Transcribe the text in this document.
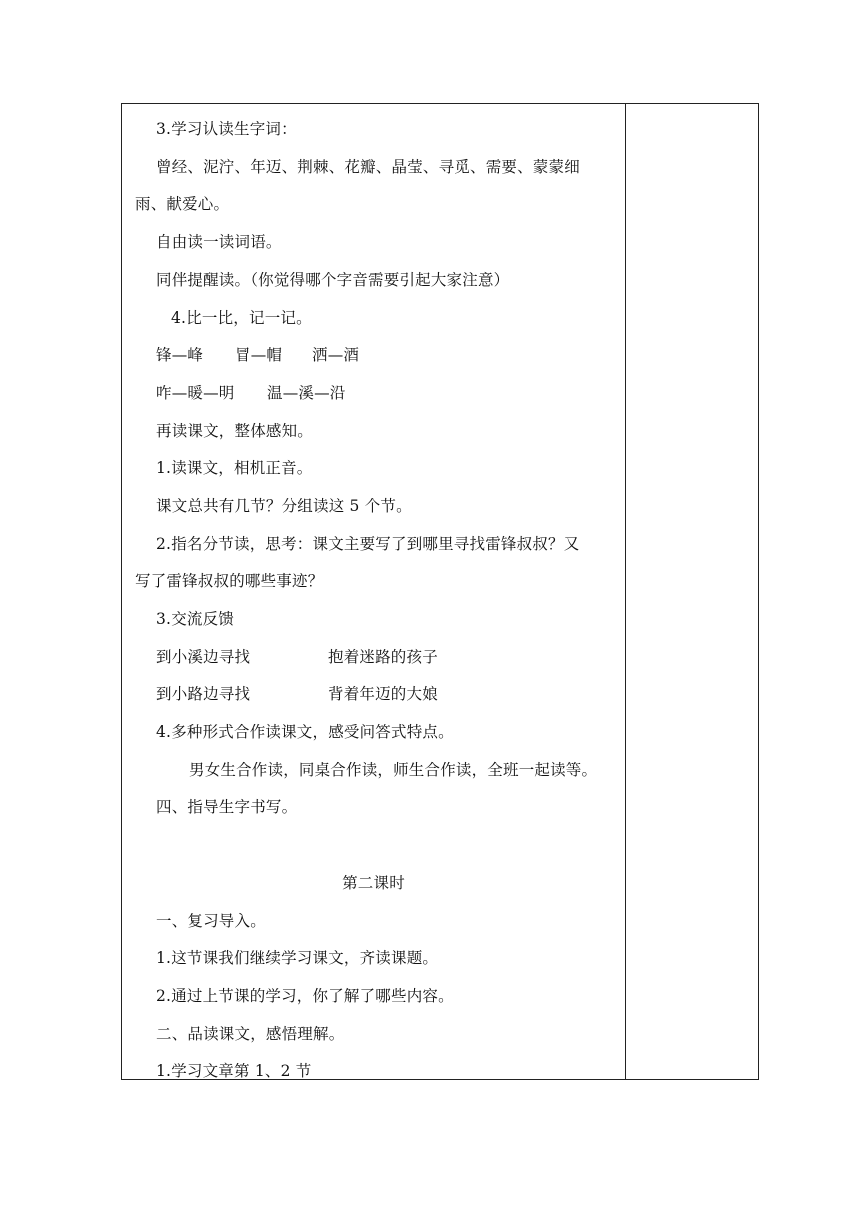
3.学习认读生字词：
曾经、泥泞、年迈、荆棘、花瓣、晶莹、寻觅、需要、蒙蒙细
雨、献爱心。
自由读一读词语。
同伴提醒读。（你觉得哪个字音需要引起大家注意）
4.比一比，记一记。
锋—峰 冒—帽 洒—酒
咋—暖—明 温—溪—沿
再读课文，整体感知。
1.读课文，相机正音。
课文总共有几节？分组读这 5 个节。
2.指名分节读，思考：课文主要写了到哪里寻找雷锋叔叔？又
写了雷锋叔叔的哪些事迹？
3.交流反馈
到小溪边寻找	抱着迷路的孩子
到小路边寻找	背着年迈的大娘
4.多种形式合作读课文，感受问答式特点。
男女生合作读，同桌合作读，师生合作读，全班一起读等。
四、指导生字书写。
第二课时
一、复习导入。
1.这节课我们继续学习课文，齐读课题。
2.通过上节课的学习，你了解了哪些内容。
二、品读课文，感悟理解。
1.学习文章第 1、2 节
